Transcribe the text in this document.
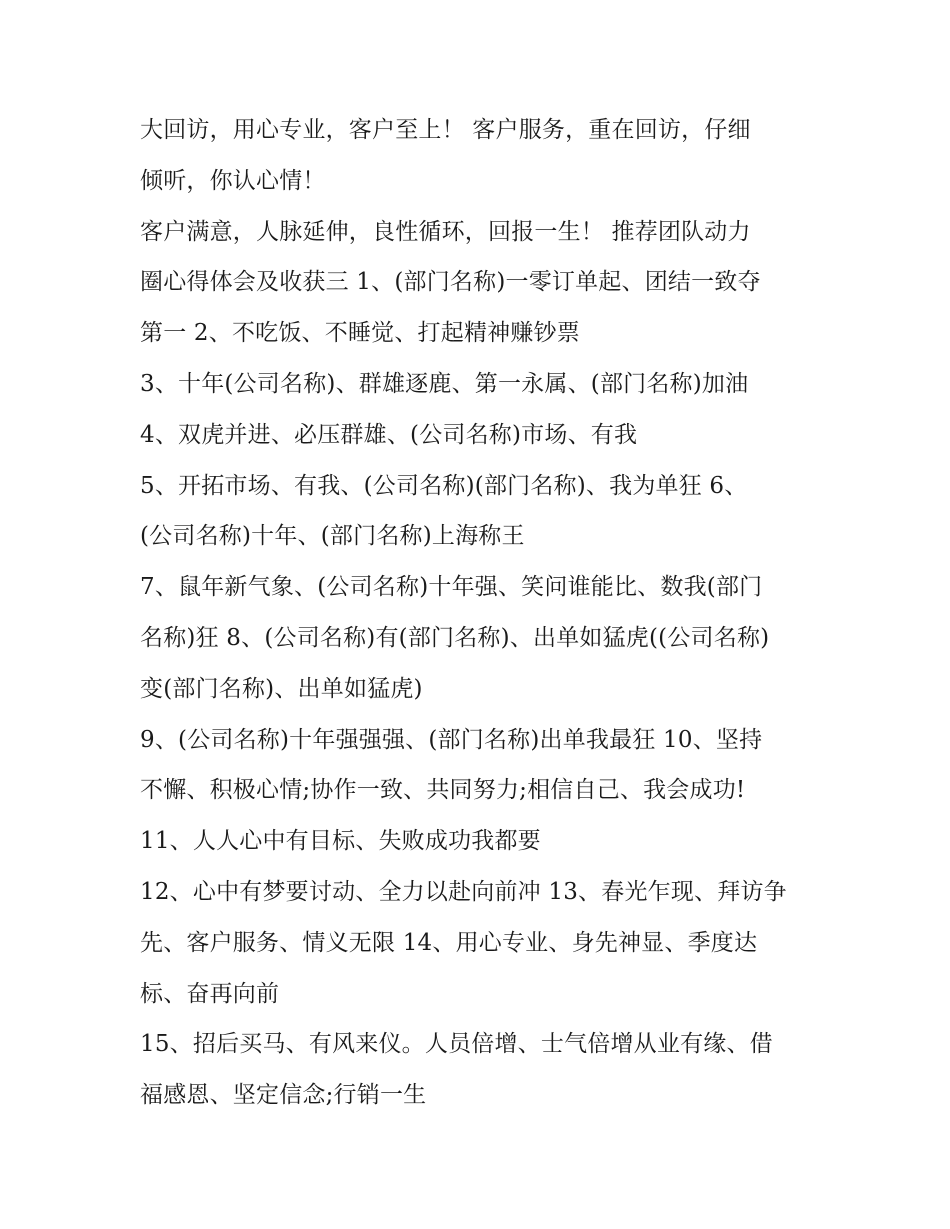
大回访，用心专业，客户至上！ 客户服务，重在回访，仔细
倾听，你认心情！
客户满意，人脉延伸，良性循环，回报一生！ 推荐团队动力
圈心得体会及收获三 1、(部门名称)一零订单起、团结一致夺
第一 2、不吃饭、不睡觉、打起精神赚钞票
3、十年(公司名称)、群雄逐鹿、第一永属、(部门名称)加油
4、双虎并进、必压群雄、(公司名称)市场、有我
5、开拓市场、有我、(公司名称)(部门名称)、我为单狂 6、
(公司名称)十年、(部门名称)上海称王
7、鼠年新气象、(公司名称)十年强、笑问谁能比、数我(部门
名称)狂 8、(公司名称)有(部门名称)、出单如猛虎((公司名称)
变(部门名称)、出单如猛虎)
9、(公司名称)十年强强强、(部门名称)出单我最狂 10、坚持
不懈、积极心情;协作一致、共同努力;相信自己、我会成功!
11、人人心中有目标、失败成功我都要
12、心中有梦要讨动、全力以赴向前冲 13、春光乍现、拜访争
先、客户服务、情义无限 14、用心专业、身先神显、季度达
标、奋再向前
15、招后买马、有风来仪。人员倍增、士气倍增从业有缘、借
福感恩、坚定信念;行销一生
